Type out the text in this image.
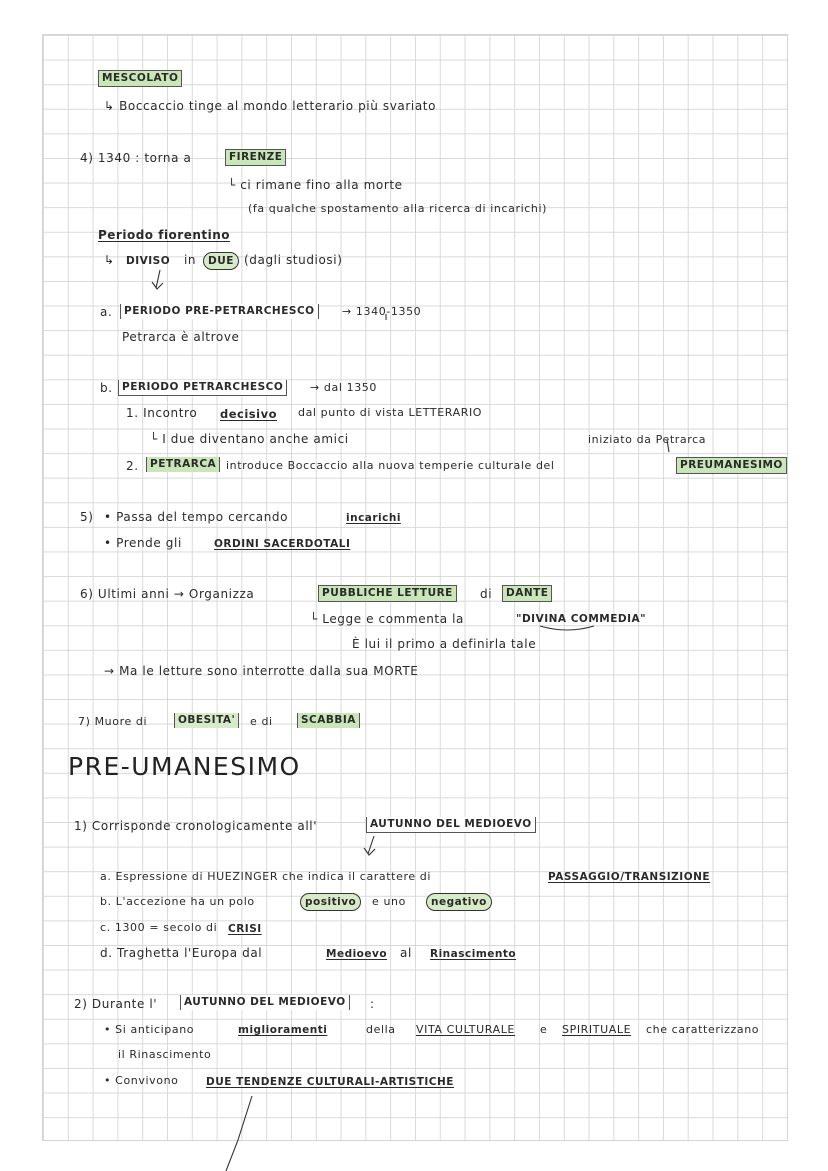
MESCOLATO
↳ Boccaccio tinge al mondo letterario più svariato
4) 1340 : torna a	FIRENZE
└ ci rimane fino alla morte
(fa qualche spostamento alla ricerca di incarichi)
Periodo fiorentino
↳ DIVISO in	DUE (dagli studiosi)
a.	PERIODO PRE-PETRARCHESCO	→ 1340-1350
Petrarca è altrove
b. PERIODO PETRARCHESCO	→ dal 1350
1. Incontro decisivo dal punto di vista LETTERARIO
└ I due diventano anche amici	iniziato da Petrarca
2.	PETRARCA introduce Boccaccio alla nuova temperie culturale del	PREUMANESIMO
5) • Passa del tempo cercando	incarichi
• Prende gli	ORDINI SACERDOTALI
6) Ultimi anni → Organizza	PUBBLICHE LETTURE	di	DANTE
└ Legge e commenta la	"DIVINA COMMEDIA"
È lui il primo a definirla tale
→ Ma le letture sono interrotte dalla sua MORTE
7) Muore di	OBESITA'	e di	SCABBIA
PRE-UMANESIMO
1) Corrisponde cronologicamente all'	AUTUNNO DEL MEDIOEVO
a. Espressione di HUEZINGER che indica il carattere di	PASSAGGIO/TRANSIZIONE
b. L'accezione ha un polo	positivo	e uno	negativo
c. 1300 = secolo di CRISI
d. Traghetta l'Europa dal	Medioevo al Rinascimento
2) Durante l'	AUTUNNO DEL MEDIOEVO	:
• Si anticipano	miglioramenti	della VITA CULTURALE e SPIRITUALE che caratterizzano
il Rinascimento
• Convivono	DUE TENDENZE CULTURALI-ARTISTICHE
